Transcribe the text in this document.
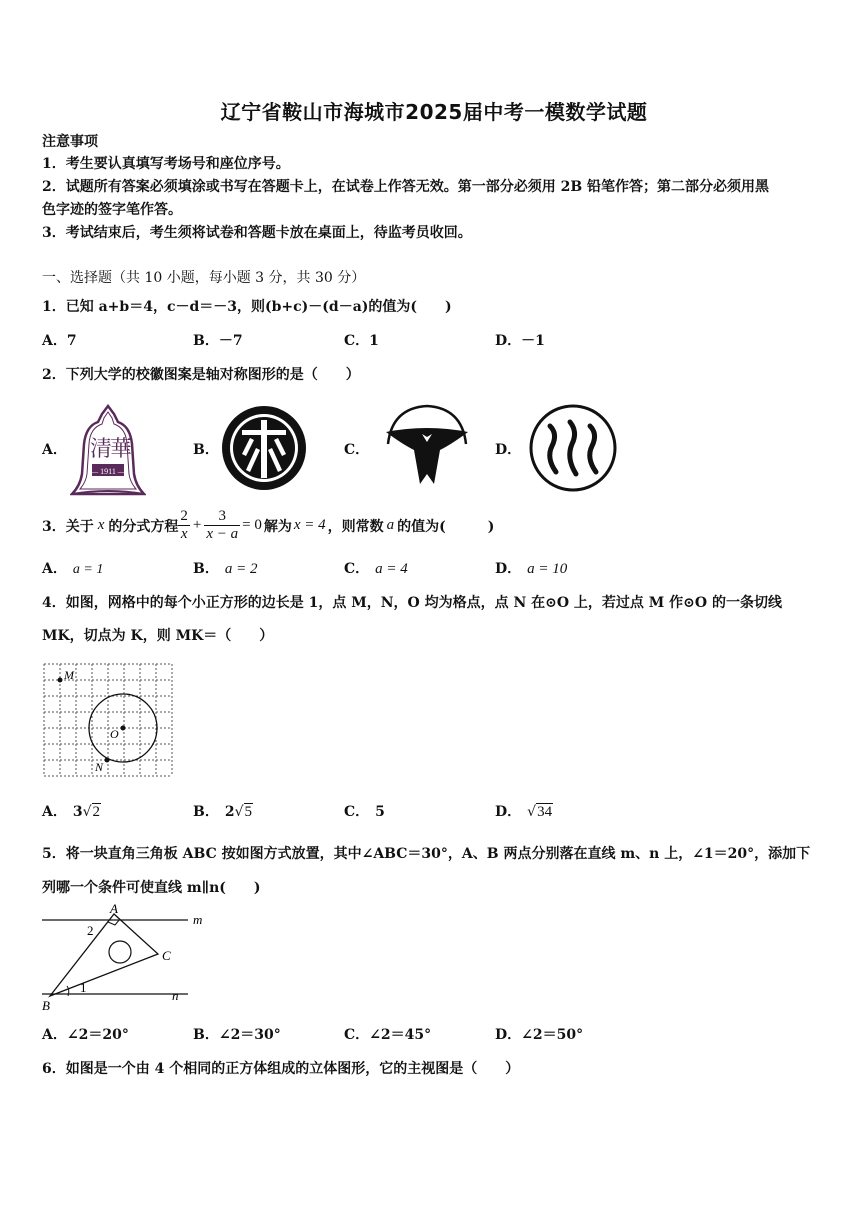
辽宁省鞍山市海城市2025届中考一模数学试题
注意事项
1．考生要认真填写考场号和座位序号。
2．试题所有答案必须填涂或书写在答题卡上，在试卷上作答无效。第一部分必须用 2B 铅笔作答；第二部分必须用黑
色字迹的签字笔作答。
3．考试结束后，考生须将试卷和答题卡放在桌面上，待监考员收回。
一、选择题（共 10 小题，每小题 3 分，共 30 分）
1．已知 a+b＝4，c－d＝－3，则(b+c)－(d－a)的值为(　　)
A．7	B．－7	C．1	D．－1
2．下列大学的校徽图案是轴对称图形的是（　　）
A．	B．	C．	D．
清
華
— 1911 —
3．关于 x 的分式方程 $\frac{2}{x} + \frac{3}{x - a} = 0$ 解为 x = 4 ，则常数 a 的值为(　　　)
A． a = 1	B． a = 2	C． a = 4	D． a = 10
4．如图，网格中的每个小正方形的边长是 1，点 M，N，O 均为格点，点 N 在⊙O 上，若过点 M 作⊙O 的一条切线
MK，切点为 K，则 MK＝（　　）
M
O
N
A． 3√2	B． 2√5	C． 5	D． √34
5．将一块直角三角板 ABC 按如图方式放置，其中∠ABC＝30°，A、B 两点分别落在直线 m、n 上，∠1＝20°，添加下
列哪一个条件可使直线 m∥n(　　)
A
B
C
m
n
1
2
A．∠2＝20°	B．∠2＝30°	C．∠2＝45°	D．∠2＝50°
6．如图是一个由 4 个相同的正方体组成的立体图形，它的主视图是（　　）
